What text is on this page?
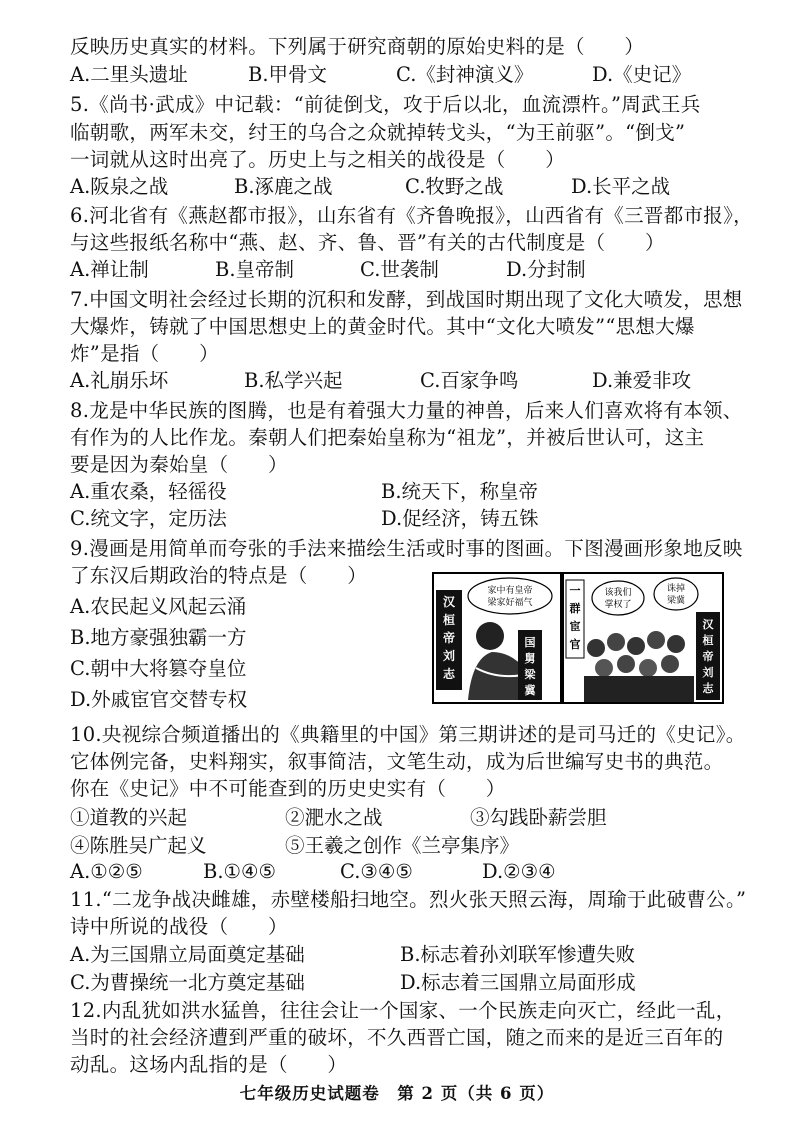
反映历史真实的材料。下列属于研究商朝的原始史料的是（　　）
A.二里头遗址	B.甲骨文	C.《封神演义》	D.《史记》
5.《尚书·武成》中记载：“前徒倒戈，攻于后以北，血流漂杵。”周武王兵
临朝歌，两军未交，纣王的乌合之众就掉转戈头，“为王前驱”。“倒戈”
一词就从这时出亮了。历史上与之相关的战役是（　　）
A.阪泉之战	B.涿鹿之战	C.牧野之战	D.长平之战
6.河北省有《燕赵都市报》，山东省有《齐鲁晚报》，山西省有《三晋都市报》，
与这些报纸名称中“燕、赵、齐、鲁、晋”有关的古代制度是（　　）
A.禅让制	B.皇帝制	C.世袭制	D.分封制
7.中国文明社会经过长期的沉积和发酵，到战国时期出现了文化大喷发，思想
大爆炸，铸就了中国思想史上的黄金时代。其中“文化大喷发”“思想大爆
炸”是指（　　）
A.礼崩乐坏	B.私学兴起	C.百家争鸣	D.兼爱非攻
8.龙是中华民族的图腾，也是有着强大力量的神兽，后来人们喜欢将有本领、
有作为的人比作龙。秦朝人们把秦始皇称为“祖龙”，并被后世认可，这主
要是因为秦始皇（　　）
A.重农桑，轻徭役	B.统天下，称皇帝
C.统文字，定历法	D.促经济，铸五铢
9.漫画是用简单而夸张的手法来描绘生活或时事的图画。下图漫画形象地反映
了东汉后期政治的特点是（　　）
A.农民起义风起云涌
B.地方豪强独霸一方
C.朝中大将篡夺皇位
D.外戚宦官交替专权
汉
桓
帝
刘
志
家中有皇帝
梁家好福气
国
舅
梁
冀
一
群
宦
官
该我们
掌权了
诛掉
梁冀
汉
桓
帝
刘
志
10.央视综合频道播出的《典籍里的中国》第三期讲述的是司马迁的《史记》。
它体例完备，史料翔实，叙事简洁，文笔生动，成为后世编写史书的典范。
你在《史记》中不可能查到的历史史实有（　　）
①道教的兴起	②淝水之战	③勾践卧薪尝胆
④陈胜吴广起义	⑤王羲之创作《兰亭集序》
A.①②⑤	B.①④⑤	C.③④⑤	D.②③④
11.“二龙争战决雌雄，赤壁楼船扫地空。烈火张天照云海，周瑜于此破曹公。”
诗中所说的战役（　　）
A.为三国鼎立局面奠定基础	B.标志着孙刘联军惨遭失败
C.为曹操统一北方奠定基础	D.标志着三国鼎立局面形成
12.内乱犹如洪水猛兽，往往会让一个国家、一个民族走向灭亡，经此一乱，
当时的社会经济遭到严重的破坏，不久西晋亡国，随之而来的是近三百年的
动乱。这场内乱指的是（　　）
七年级历史试题卷　第 2 页（共 6 页）
